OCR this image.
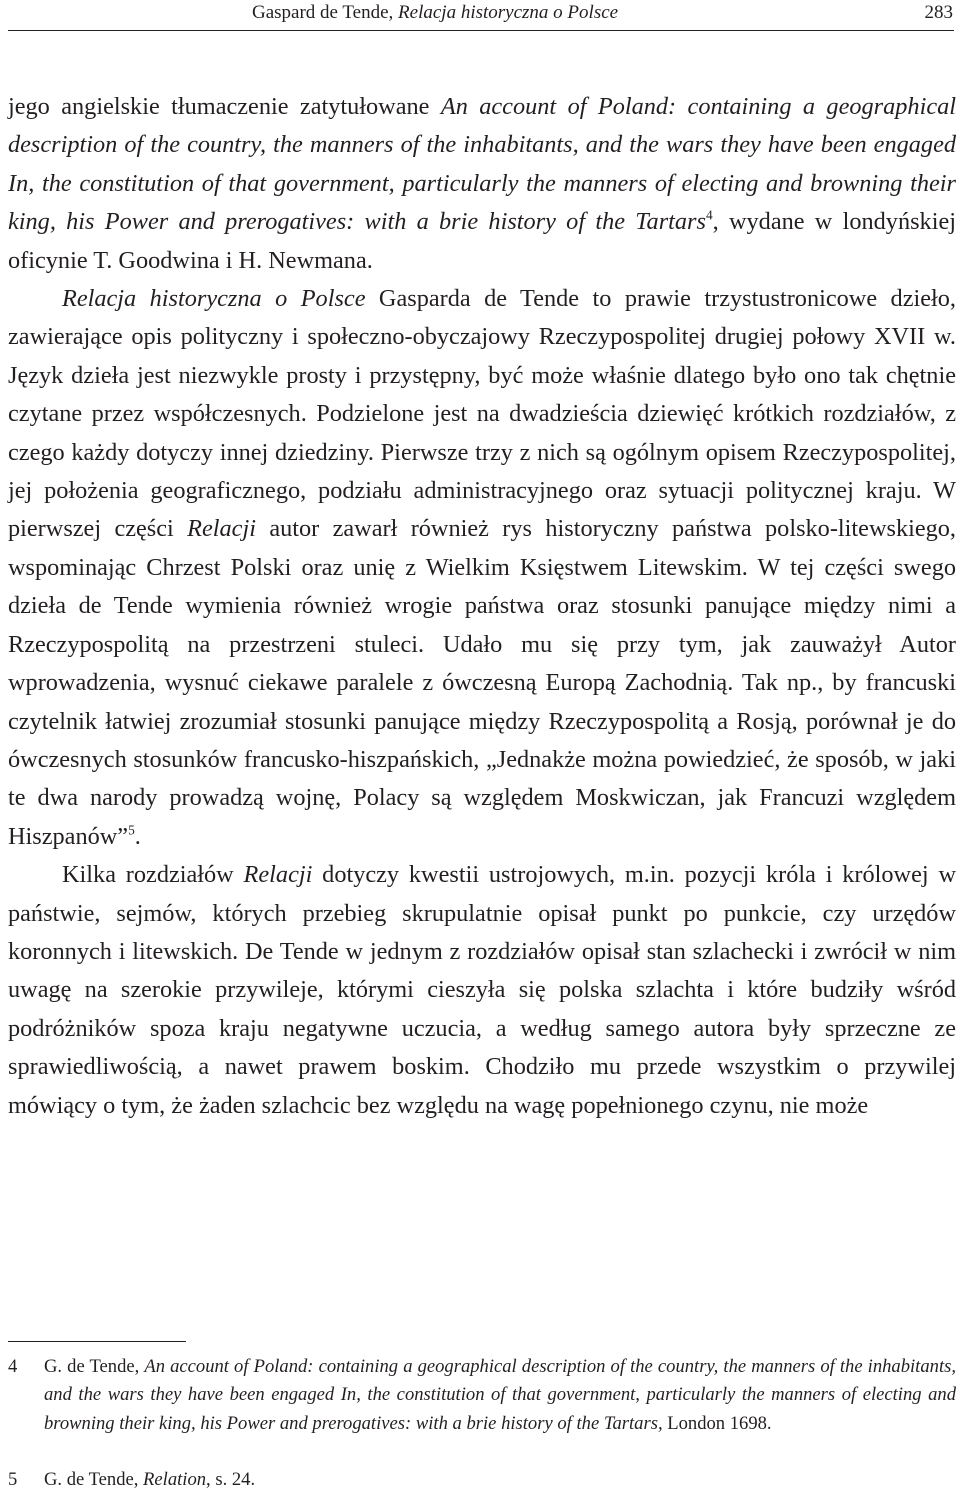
Gaspard de Tende, Relacja historyczna o Polsce	283

jego angielskie tłumaczenie zatytułowane An account of Poland: containing a geographical description of the country, the manners of the inhabitants, and the wars they have been engaged In, the constitution of that government, particularly the manners of electing and browning their king, his Power and prerogatives: with a brie history of the Tartars$^4$, wydane w londyńskiej oficynie T. Goodwina i H. Newmana.

Relacja historyczna o Polsce Gasparda de Tende to prawie trzystustronicowe dzieło, zawierające opis polityczny i społeczno-obyczajowy Rzeczypospolitej drugiej połowy XVII w. Język dzieła jest niezwykle prosty i przystępny, być może właśnie dlatego było ono tak chętnie czytane przez współczesnych. Podzielone jest na dwadzieścia dziewięć krótkich rozdziałów, z czego każdy dotyczy innej dziedziny. Pierwsze trzy z nich są ogólnym opisem Rzeczypospolitej, jej położenia geograficznego, podziału administracyjnego oraz sytuacji politycznej kraju. W pierwszej części Relacji autor zawarł również rys historyczny państwa polsko-litewskiego, wspominając Chrzest Polski oraz unię z Wielkim Księstwem Litewskim. W tej części swego dzieła de Tende wymienia również wrogie państwa oraz stosunki panujące między nimi a Rzeczypospolitą na przestrzeni stuleci. Udało mu się przy tym, jak zauważył Autor wprowadzenia, wysnuć ciekawe paralele z ówczesną Europą Zachodnią. Tak np., by francuski czytelnik łatwiej zrozumiał stosunki panujące między Rzeczypospolitą a Rosją, porównał je do ówczesnych stosunków francusko-hiszpańskich, „Jednakże można powiedzieć, że sposób, w jaki te dwa narody prowadzą wojnę, Polacy są względem Moskwiczan, jak Francuzi względem Hiszpanów”$^5$.

Kilka rozdziałów Relacji dotyczy kwestii ustrojowych, m.in. pozycji króla i królowej w państwie, sejmów, których przebieg skrupulatnie opisał punkt po punkcie, czy urzędów koronnych i litewskich. De Tende w jednym z rozdziałów opisał stan szlachecki i zwrócił w nim uwagę na szerokie przywileje, którymi cieszyła się polska szlachta i które budziły wśród podróżników spoza kraju negatywne uczucia, a według samego autora były sprzeczne ze sprawiedliwością, a nawet prawem boskim. Chodziło mu przede wszystkim o przywilej mówiący o tym, że żaden szlachcic bez względu na wagę popełnionego czynu, nie może

4 G. de Tende, An account of Poland: containing a geographical description of the country, the manners of the inhabitants, and the wars they have been engaged In, the constitution of that government, particularly the manners of electing and browning their king, his Power and prerogatives: with a brie history of the Tartars, London 1698.
5 G. de Tende, Relation, s. 24.
